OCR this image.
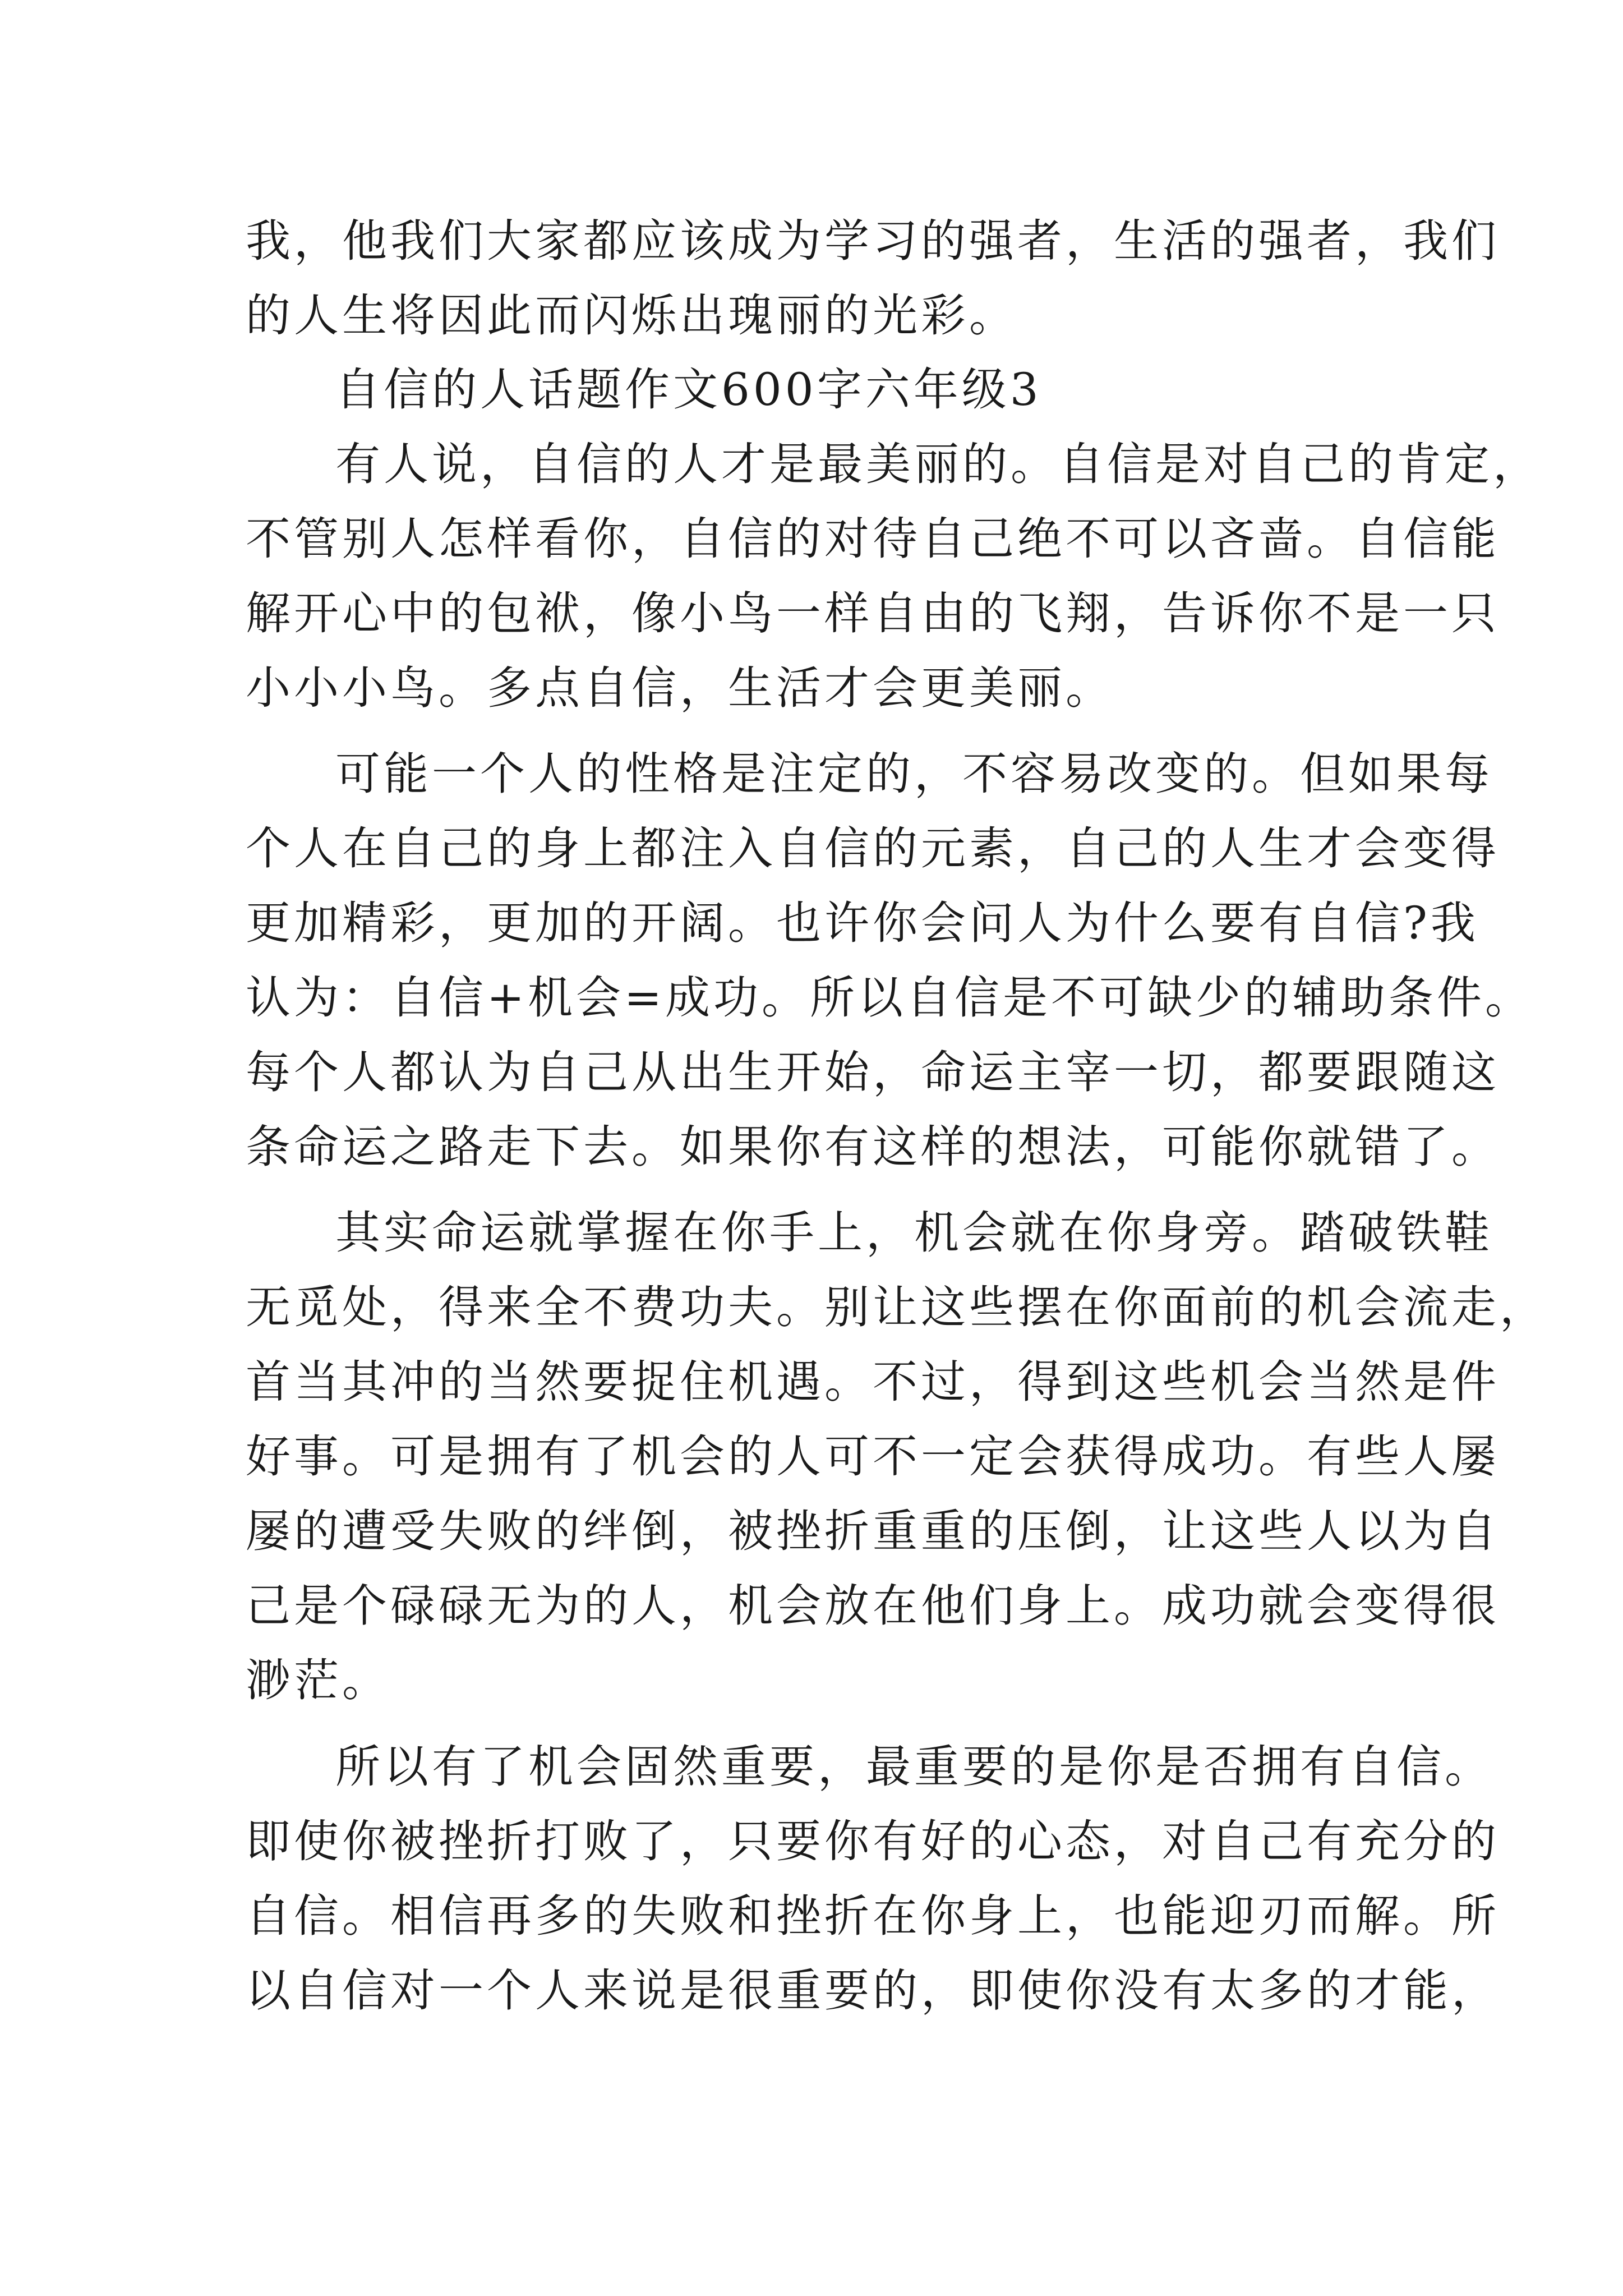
我，他我们大家都应该成为学习的强者，生活的强者，我们
的人生将因此而闪烁出瑰丽的光彩。
自信的人话题作文600字六年级3
有人说，自信的人才是最美丽的。自信是对自己的肯定，
不管别人怎样看你，自信的对待自己绝不可以吝啬。自信能
解开心中的包袱，像小鸟一样自由的飞翔，告诉你不是一只
小小小鸟。多点自信，生活才会更美丽。
可能一个人的性格是注定的，不容易改变的。但如果每
个人在自己的身上都注入自信的元素，自己的人生才会变得
更加精彩，更加的开阔。也许你会问人为什么要有自信?我
认为：自信+机会=成功。所以自信是不可缺少的辅助条件。
每个人都认为自己从出生开始，命运主宰一切，都要跟随这
条命运之路走下去。如果你有这样的想法，可能你就错了。
其实命运就掌握在你手上，机会就在你身旁。踏破铁鞋
无觅处，得来全不费功夫。别让这些摆在你面前的机会流走，
首当其冲的当然要捉住机遇。不过，得到这些机会当然是件
好事。可是拥有了机会的人可不一定会获得成功。有些人屡
屡的遭受失败的绊倒，被挫折重重的压倒，让这些人以为自
己是个碌碌无为的人，机会放在他们身上。成功就会变得很
渺茫。
所以有了机会固然重要，最重要的是你是否拥有自信。
即使你被挫折打败了，只要你有好的心态，对自己有充分的
自信。相信再多的失败和挫折在你身上，也能迎刃而解。所
以自信对一个人来说是很重要的，即使你没有太多的才能，
